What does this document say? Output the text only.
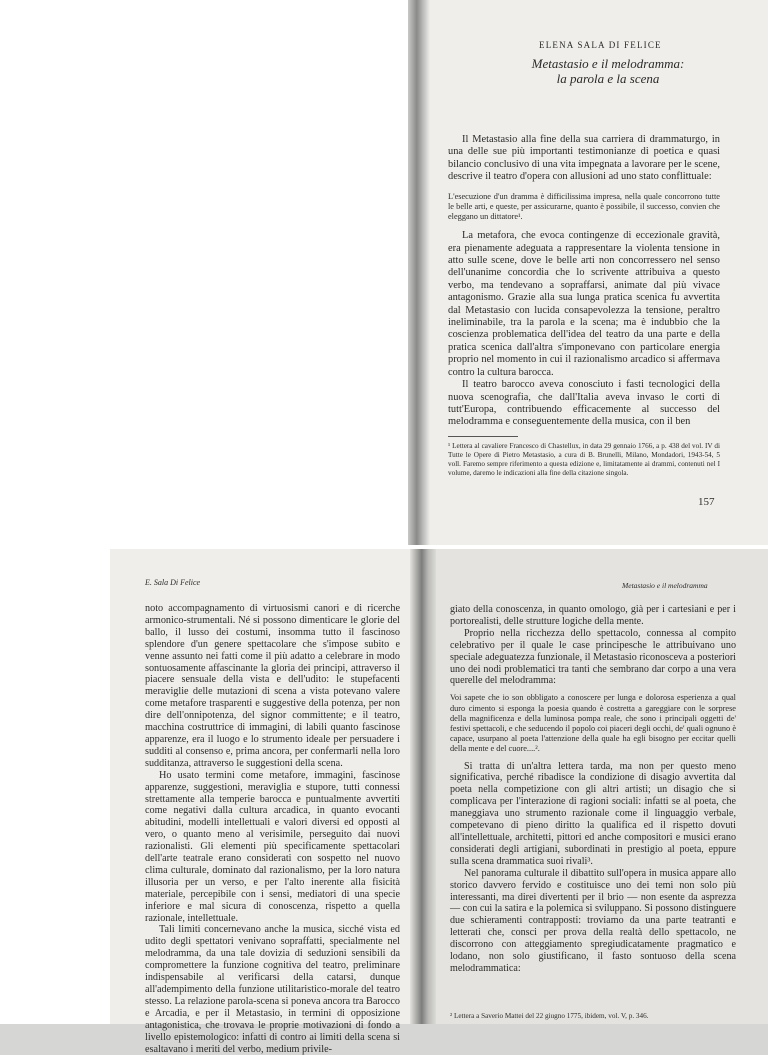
ELENA SALA DI FELICE
Metastasio e il melodramma:
la parola e la scena

Il Metastasio alla fine della sua carriera di drammaturgo, in una delle sue più importanti testimonianze di poetica e quasi bilancio conclusivo di una vita impegnata a lavorare per le scene, descrive il teatro d'opera con allusioni ad uno stato conflittuale:

L'esecuzione d'un dramma è difficilissima impresa, nella quale concorrono tutte le belle arti, e queste, per assicurarne, quanto è possibile, il successo, convien che eleggano un dittatore¹.

La metafora, che evoca contingenze di eccezionale gravità, era pienamente adeguata a rappresentare la violenta tensione in atto sulle scene, dove le belle arti non concorressero nel senso dell'unanime concordia che lo scrivente attribuiva a questo verbo, ma tendevano a sopraffarsi, animate dal più vivace antagonismo. Grazie alla sua lunga pratica scenica fu avvertita dal Metastasio con lucida consapevolezza la tensione, peraltro ineliminabile, tra la parola e la scena; ma è indubbio che la coscienza problematica dell'idea del teatro da una parte e della pratica scenica dall'altra s'imponevano con particolare energia proprio nel momento in cui il razionalismo arcadico si affermava contro la cultura barocca.

Il teatro barocco aveva conosciuto i fasti tecnologici della nuova scenografia, che dall'Italia aveva invaso le corti di tutt'Europa, contribuendo efficacemente al successo del melodramma e conseguentemente della musica, con il ben

¹ Lettera al cavaliere Francesco di Chastellux, in data 29 gennaio 1766, a p. 438 del vol. IV di Tutte le Opere di Pietro Metastasio, a cura di B. Brunelli, Milano, Mondadori, 1943-54, 5 voll. Faremo sempre riferimento a questa edizione e, limitatamente ai drammi, contenuti nel I volume, daremo le indicazioni alla fine della citazione singola.

157
E. Sala Di Felice

noto accompagnamento di virtuosismi canori e di ricerche armonico-strumentali. Né si possono dimenticare le glorie del ballo, il lusso dei costumi, insomma tutto il fascinoso splendore d'un genere spettacolare che s'impose subito e venne assunto nei fatti come il più adatto a celebrare in modo sontuosamente affascinante la gloria dei principi, attraverso il piacere sensuale della vista e dell'udito: le stupefacenti meraviglie delle mutazioni di scena a vista potevano valere come metafore trasparenti e suggestive della potenza, per non dire dell'onnipotenza, del signor committente; e il teatro, macchina costruttrice di immagini, di labili quanto fascinose apparenze, era il luogo e lo strumento ideale per persuadere i sudditi al consenso e, prima ancora, per confermarli nella loro sudditanza, attraverso le suggestioni della scena.

Ho usato termini come metafore, immagini, fascinose apparenze, suggestioni, meraviglia e stupore, tutti connessi strettamente alla temperie barocca e puntualmente avvertiti come negativi dalla cultura arcadica, in quanto evocanti abitudini, modelli intellettuali e valori diversi ed opposti al vero, o quanto meno al verisimile, perseguito dai nuovi razionalisti. Gli elementi più specificamente spettacolari dell'arte teatrale erano considerati con sospetto nel nuovo clima culturale, dominato dal razionalismo, per la loro natura illusoria per un verso, e per l'alto inerente alla fisicità materiale, percepibile con i sensi, mediatori di una specie inferiore e mal sicura di conoscenza, rispetto a quella razionale, intellettuale.

Tali limiti concernevano anche la musica, sicché vista ed udito degli spettatori venivano sopraffatti, specialmente nel melodramma, da una tale dovizia di seduzioni sensibili da compromettere la funzione cognitiva del teatro, preliminare indispensabile al verificarsi della catarsi, dunque all'adempimento della funzione utilitaristico-morale del teatro stesso. La relazione parola-scena si poneva ancora tra Barocco e Arcadia, e per il Metastasio, in termini di opposizione antagonistica, che trovava le proprie motivazioni di fondo a livello epistemologico: infatti di contro ai limiti della scena si esaltavano i meriti del verbo, medium privile-

Metastasio e il melodramma

giato della conoscenza, in quanto omologo, già per i cartesiani e per i portorealisti, delle strutture logiche della mente.

Proprio nella ricchezza dello spettacolo, connessa al compito celebrativo per il quale le case principesche le attribuivano uno speciale adeguatezza funzionale, il Metastasio riconosceva a posteriori uno dei nodi problematici tra tanti che sembrano dar corpo a una vera querelle del melodramma:

Voi sapete che io son obbligato a conoscere per lunga e dolorosa esperienza a qual duro cimento si esponga la poesia quando è costretta a gareggiare con le sorprese della magnificenza e della luminosa pompa reale, che sono i principali oggetti de' festivi spettacoli, e che seducendo il popolo coi piaceri degli occhi, de' quali ognuno è capace, usurpano al poeta l'attenzione della quale ha egli bisogno per eccitar quelli della mente e del cuore....².

Si tratta di un'altra lettera tarda, ma non per questo meno significativa, perché ribadisce la condizione di disagio avvertita dal poeta nella competizione con gli altri artisti; un disagio che si complicava per l'interazione di ragioni sociali: infatti se al poeta, che maneggiava uno strumento razionale come il linguaggio verbale, competevano di pieno diritto la qualifica ed il rispetto dovuti all'intellettuale, architetti, pittori ed anche compositori e musici erano considerati degli artigiani, subordinati in prestigio al poeta, eppure sulla scena drammatica suoi rivali³.

Nel panorama culturale il dibattito sull'opera in musica appare allo storico davvero fervido e costituisce uno dei temi non solo più interessanti, ma direi divertenti per il brio — non esente da asprezza — con cui la satira e la polemica si sviluppano. Si possono distinguere due schieramenti contrapposti: troviamo da una parte teatranti e letterati che, consci per prova della realtà dello spettacolo, ne discorrono con atteggiamento spregiudicatamente pragmatico e lodano, non solo giustificano, il fasto sontuoso della scena melodrammatica:

² Lettera a Saverio Mattei del 22 giugno 1775, ibidem, vol. V, p. 346.
